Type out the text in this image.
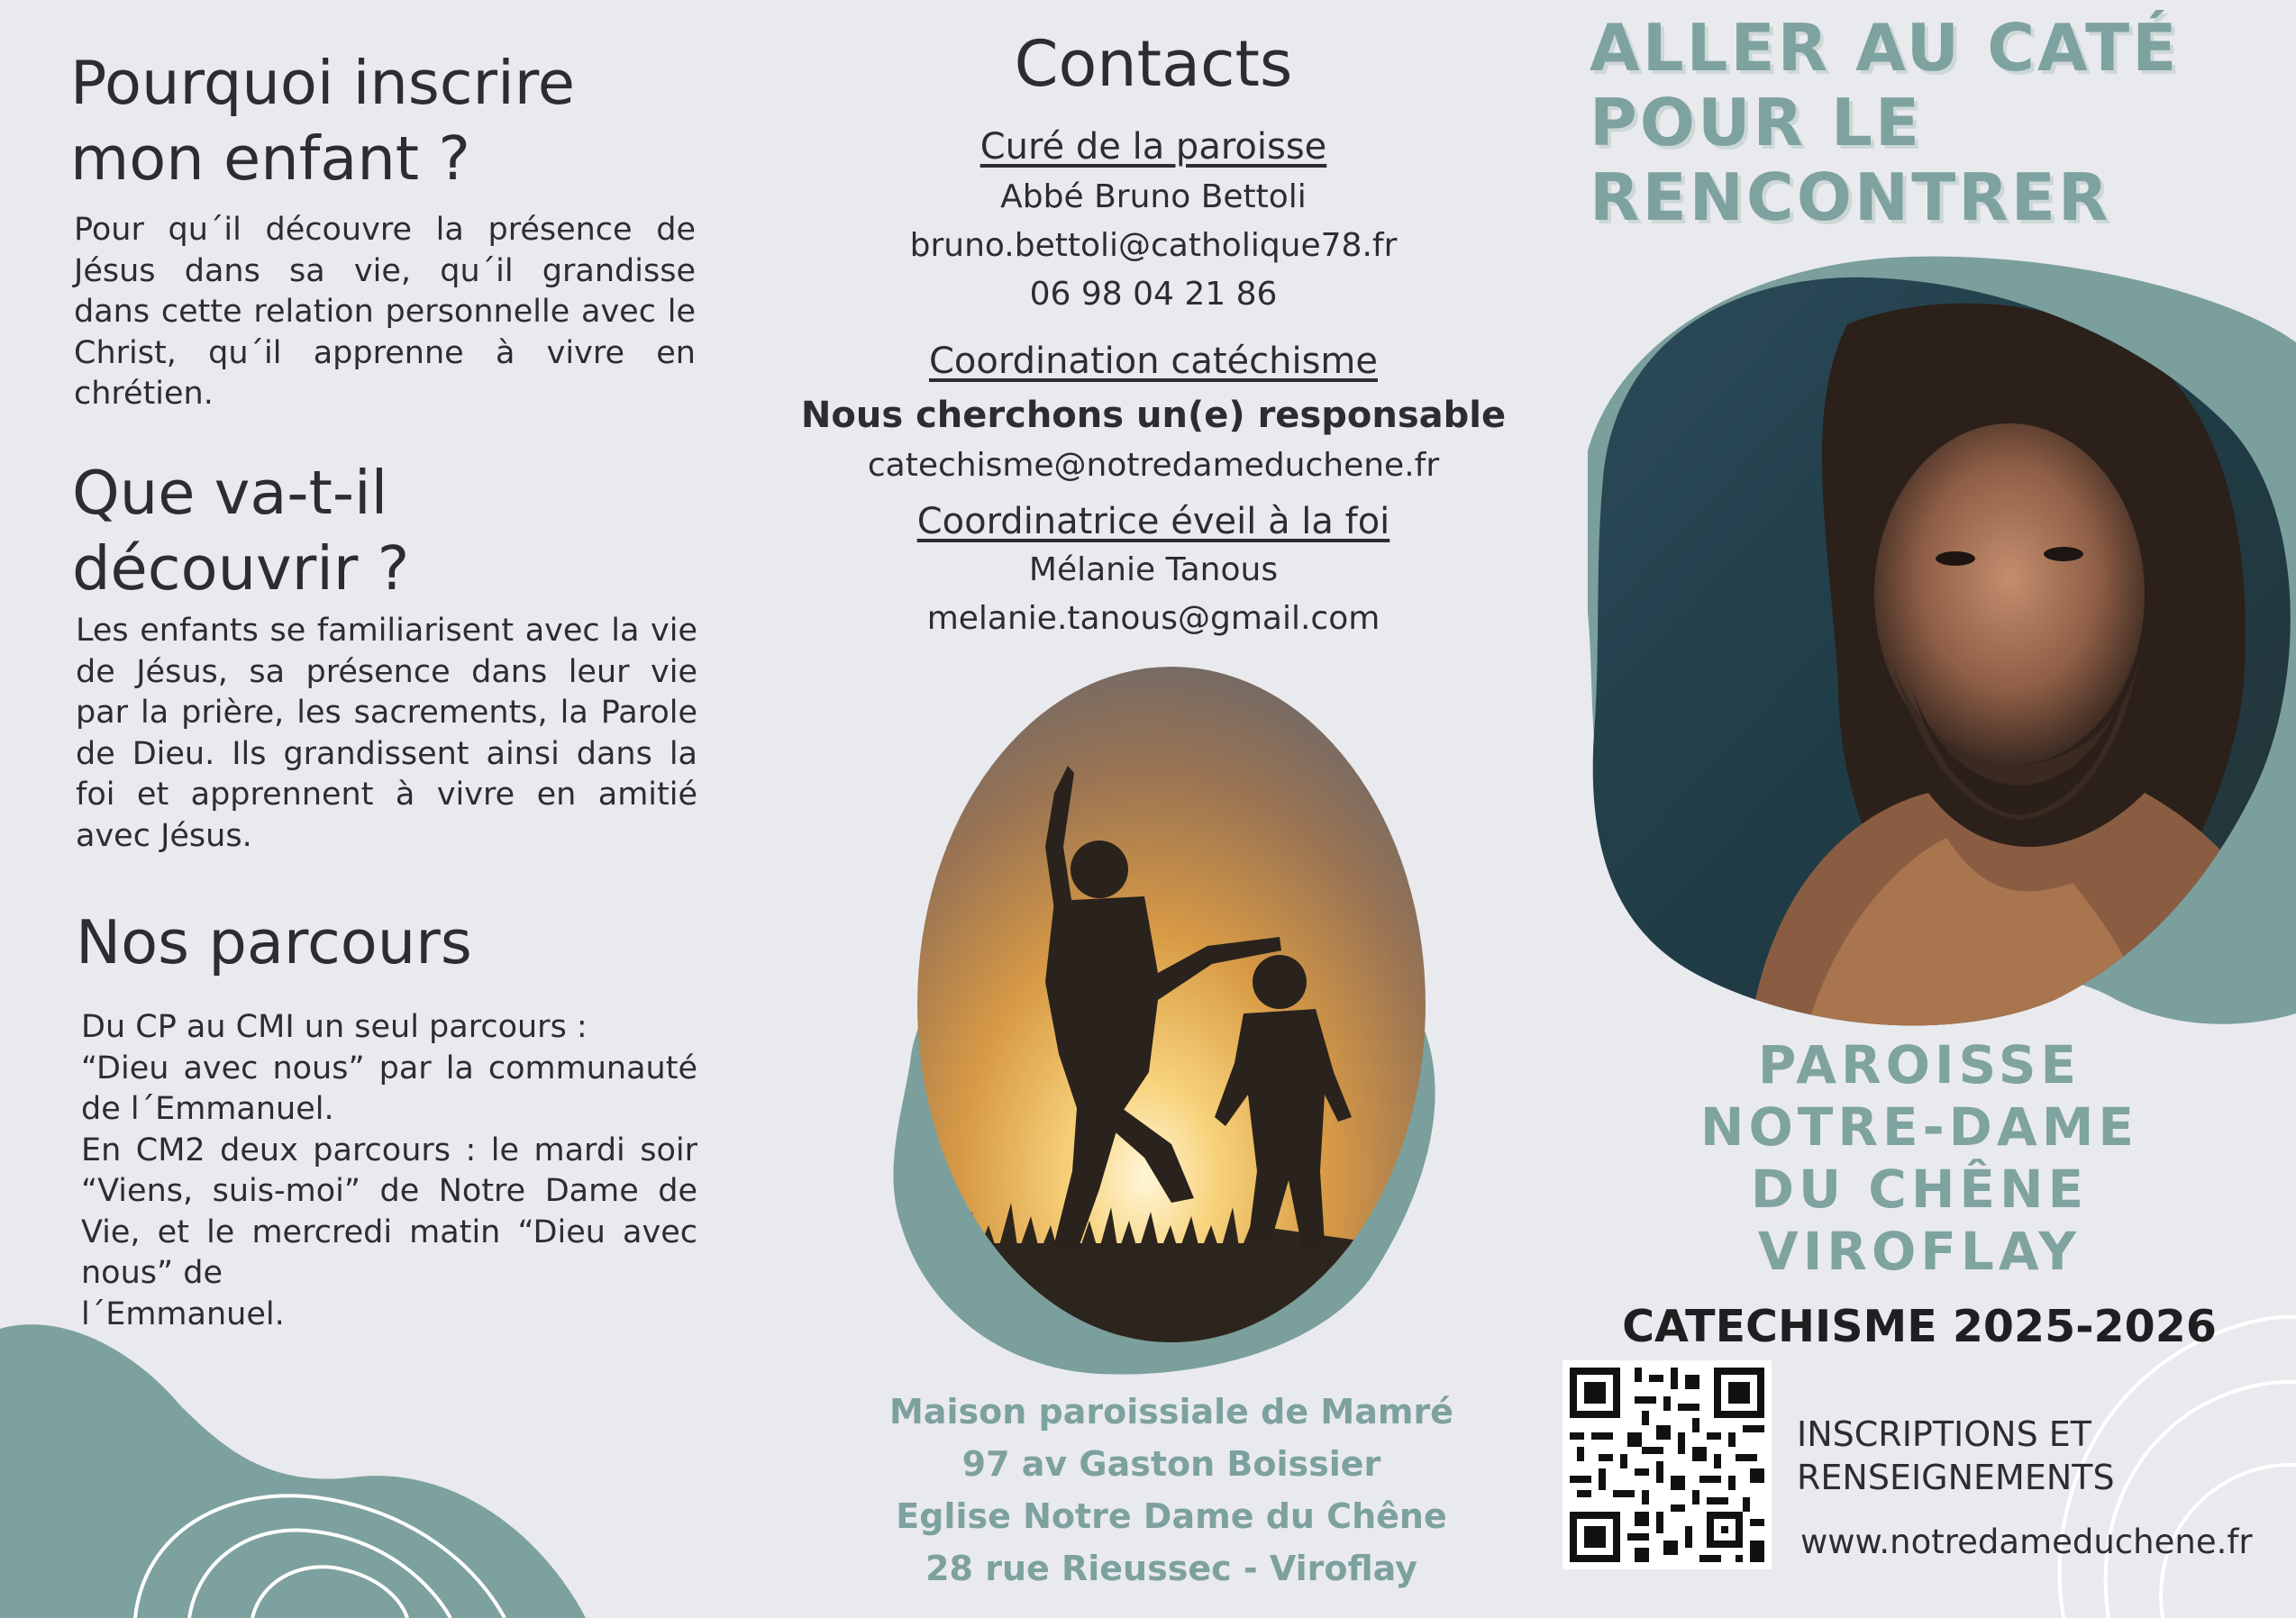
Pourquoi inscrire
mon enfant ?

Pour qu´il découvre la présence de
Jésus dans sa vie, qu´il grandisse
dans cette relation personnelle avec le
Christ, qu´il apprenne à vivre en
chrétien.

Que va-t-il
découvrir ?

Les enfants se familiarisent avec la vie
de Jésus, sa présence dans leur vie
par la prière, les sacrements, la Parole
de Dieu. Ils grandissent ainsi dans la
foi et apprennent à vivre en amitié
avec Jésus.

Nos parcours

Du CP au CMI un seul parcours :
“Dieu avec nous” par la communauté
de l´Emmanuel.
En CM2 deux parcours : le mardi soir
“Viens, suis-moi” de Notre Dame de
Vie, et le mercredi matin “Dieu avec
nous” de
l´Emmanuel.

Contacts
Curé de la paroisse
Abbé Bruno Bettoli
bruno.bettoli@catholique78.fr
06 98 04 21 86
Coordination catéchisme
Nous cherchons un(e) responsable
catechisme@notredameduchene.fr
Coordinatrice éveil à la foi
Mélanie Tanous
melanie.tanous@gmail.com
Maison paroissiale de Mamré
97 av Gaston Boissier
Eglise Notre Dame du Chêne
28 rue Rieussec - Viroflay
ALLER AU CATÉ
POUR LE
RENCONTRER
PAROISSE
NOTRE-DAME
DU CHÊNE
VIROFLAY
CATECHISME 2025-2026
INSCRIPTIONS ET
RENSEIGNEMENTS
www.notredameduchene.fr
